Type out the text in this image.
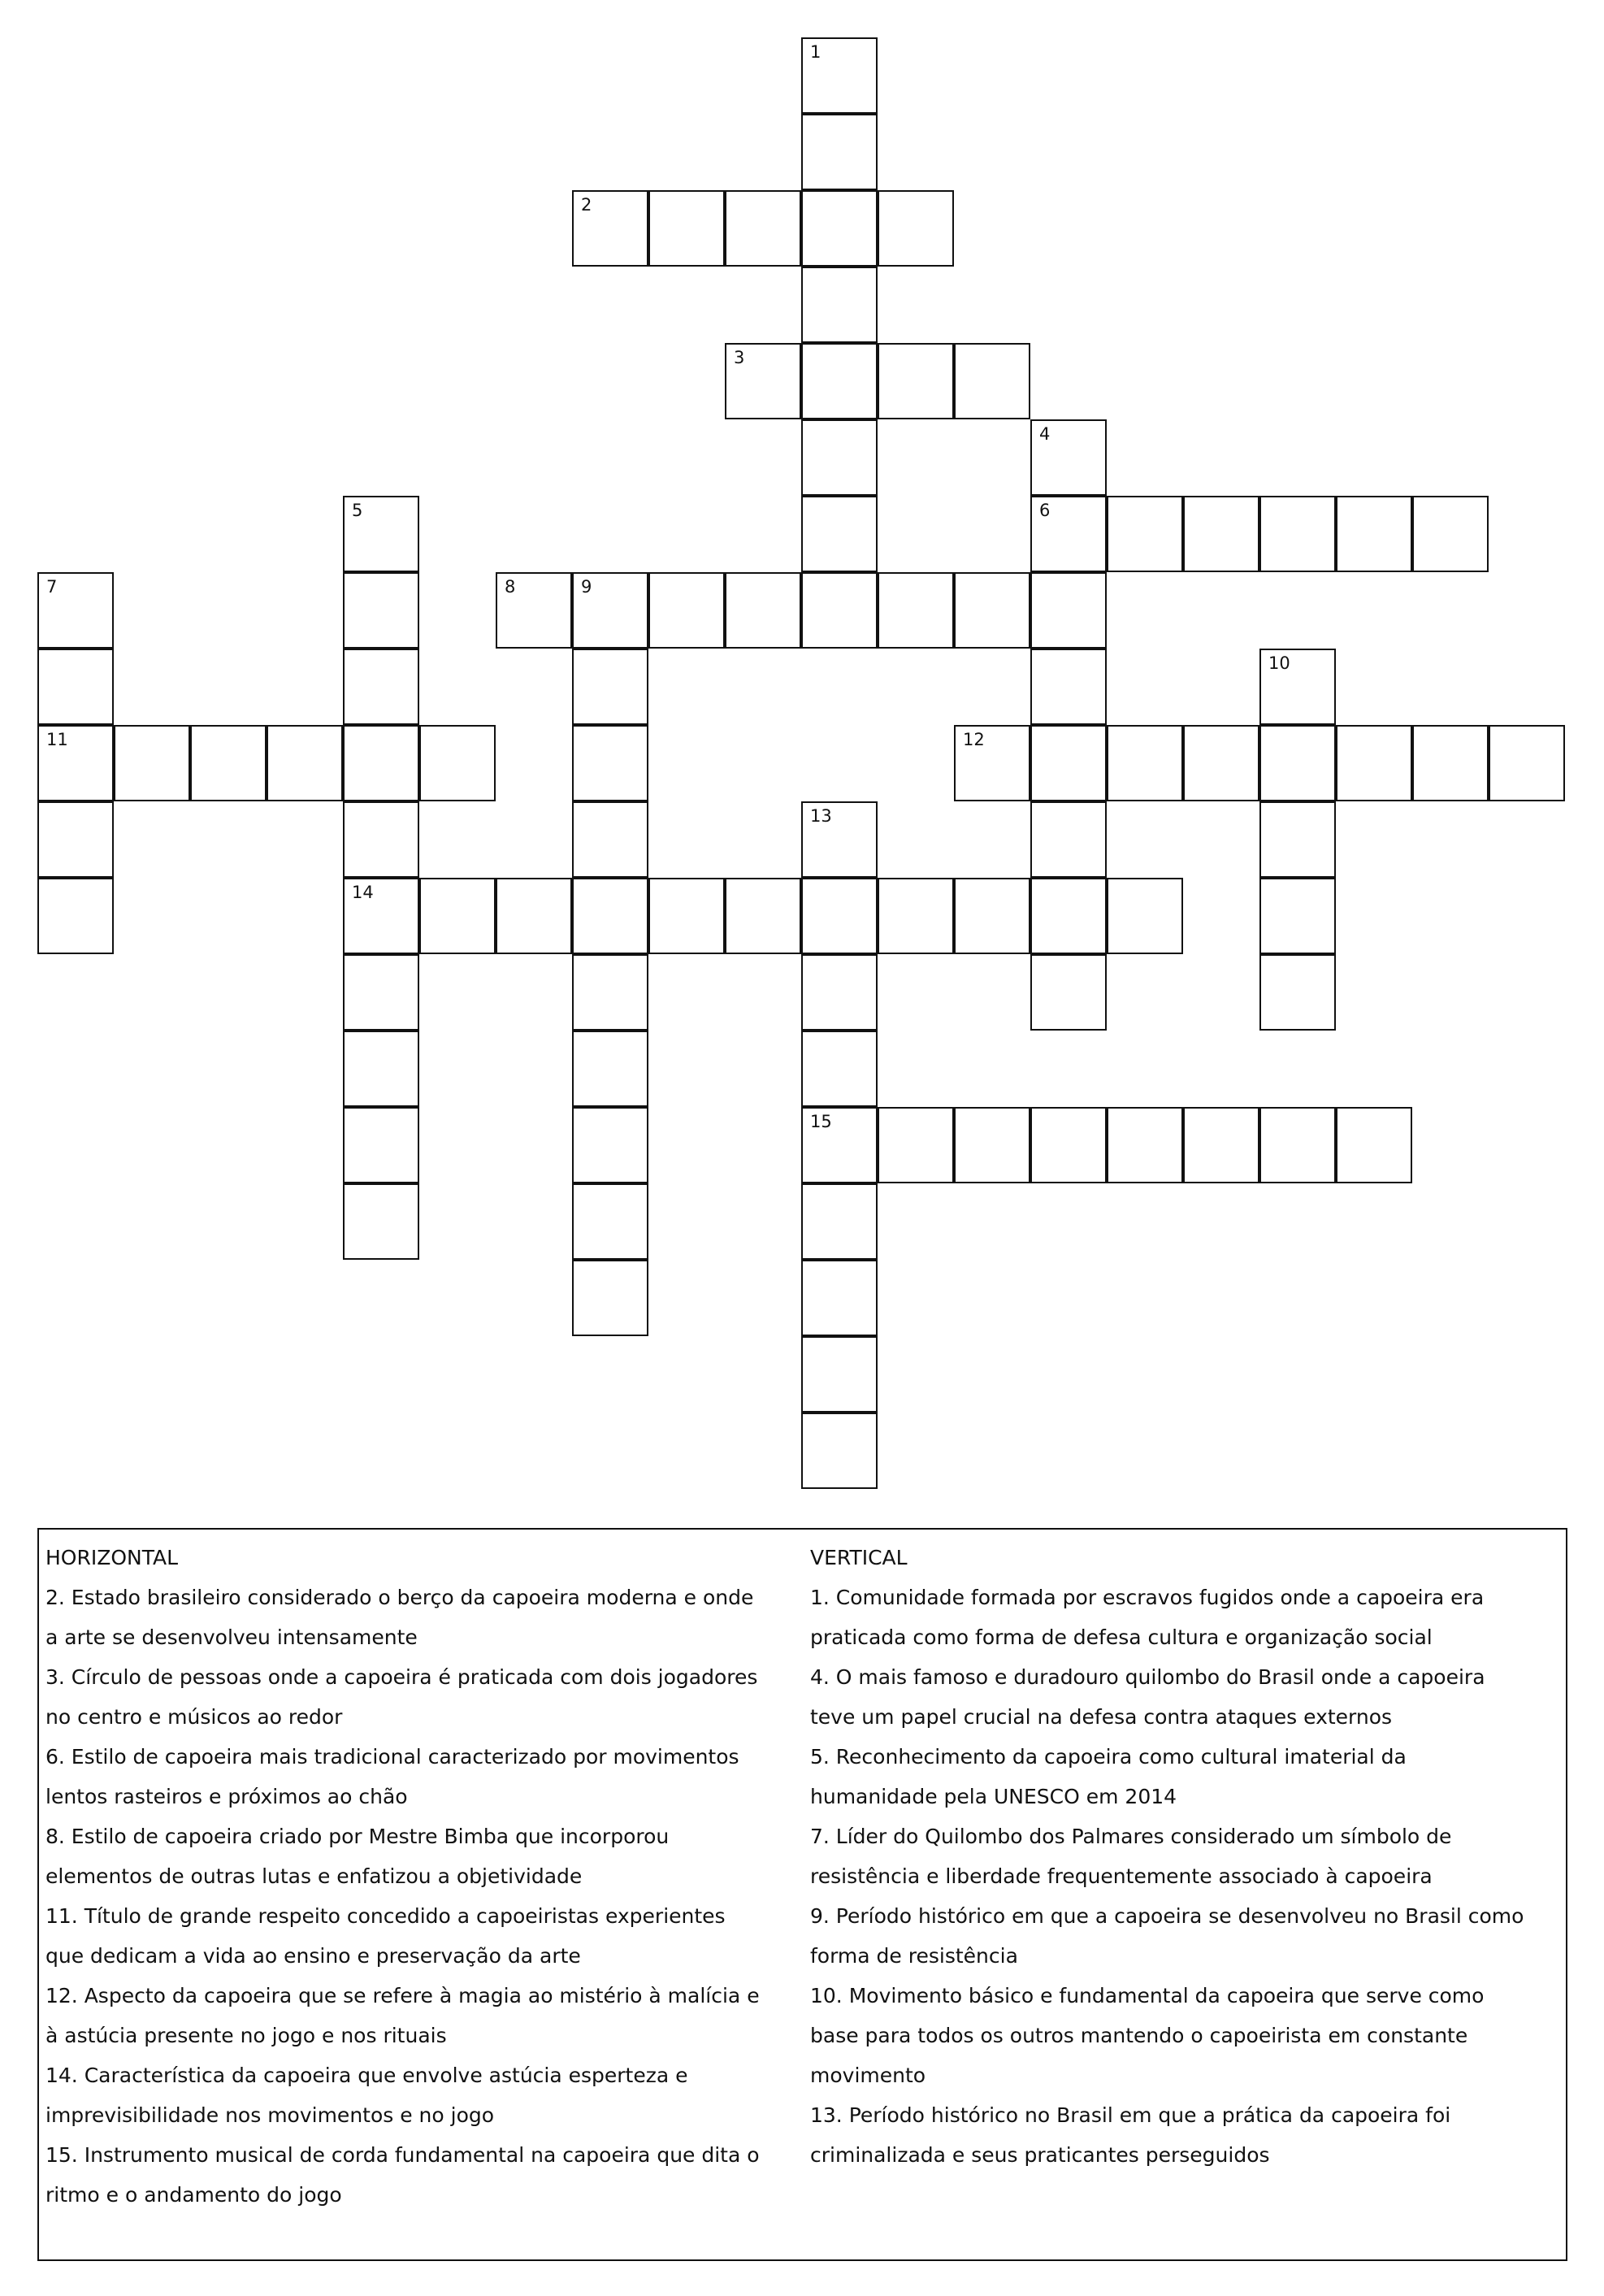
1
2
3
4
5	6
7	8	9
10
11	12
13
14
15

HORIZONTAL

2. Estado brasileiro considerado o berço da capoeira moderna e onde a arte se desenvolveu intensamente

3. Círculo de pessoas onde a capoeira é praticada com dois jogadores no centro e músicos ao redor

6. Estilo de capoeira mais tradicional caracterizado por movimentos lentos rasteiros e próximos ao chão

8. Estilo de capoeira criado por Mestre Bimba que incorporou elementos de outras lutas e enfatizou a objetividade

11. Título de grande respeito concedido a capoeiristas experientes que dedicam a vida ao ensino e preservação da arte

12. Aspecto da capoeira que se refere à magia ao mistério à malícia e à astúcia presente no jogo e nos rituais

14. Característica da capoeira que envolve astúcia esperteza e imprevisibilidade nos movimentos e no jogo

15. Instrumento musical de corda fundamental na capoeira que dita o ritmo e o andamento do jogo

VERTICAL

1. Comunidade formada por escravos fugidos onde a capoeira era praticada como forma de defesa cultura e organização social

4. O mais famoso e duradouro quilombo do Brasil onde a capoeira teve um papel crucial na defesa contra ataques externos

5. Reconhecimento da capoeira como cultural imaterial da humanidade pela UNESCO em 2014

7. Líder do Quilombo dos Palmares considerado um símbolo de resistência e liberdade frequentemente associado à capoeira

9. Período histórico em que a capoeira se desenvolveu no Brasil como forma de resistência

10. Movimento básico e fundamental da capoeira que serve como base para todos os outros mantendo o capoeirista em constante movimento

13. Período histórico no Brasil em que a prática da capoeira foi criminalizada e seus praticantes perseguidos
